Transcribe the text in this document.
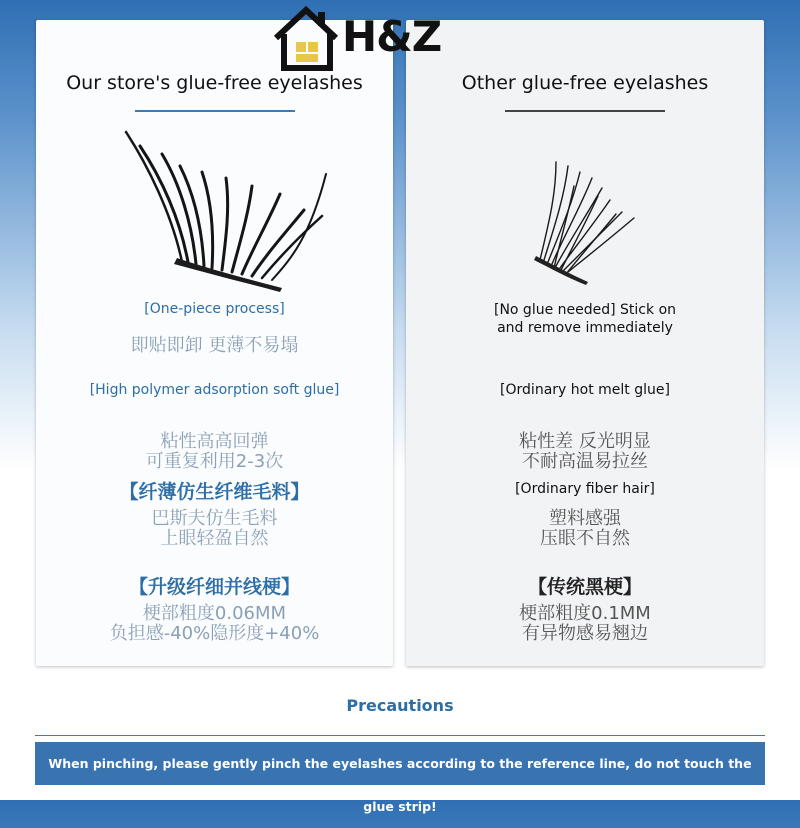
Our store's glue-free eyelashes
[One-piece process]
即贴即卸 更薄不易塌
[High polymer adsorption soft glue]
粘性高高回弹
可重复利用2-3次
【纤薄仿生纤维毛料】
巴斯夫仿生毛料
上眼轻盈自然
【升级纤细并线梗】
梗部粗度0.06MM
负担感-40%隐形度+40%
Other glue-free eyelashes
[No glue needed] Stick on
and remove immediately
[Ordinary hot melt glue]
粘性差 反光明显
不耐高温易拉丝
[Ordinary fiber hair]
塑料感强
压眼不自然
【传统黑梗】
梗部粗度0.1MM
有异物感易翘边
H&Z
Precautions
When pinching, please gently pinch the eyelashes according to the reference line, do not touch the glue strip!
